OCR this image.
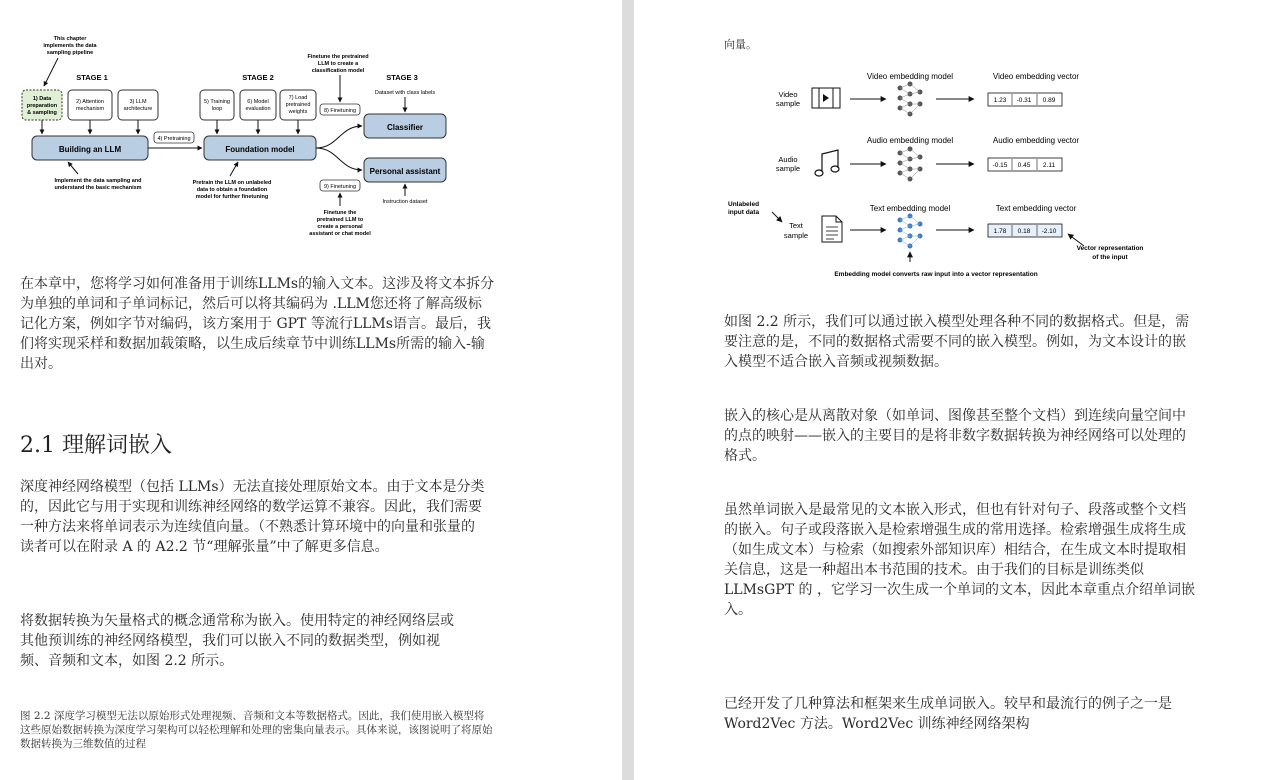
This chapter
implements the data
sampling pipeline
STAGE 1	STAGE 2	STAGE 3
1) Data
preparation
& sampling
2) Attention
mechanism
3) LLM
architecture
Building an LLM
4) Pretraining
5) Training
loop
6) Model
evaluation
7) Load
pretrained
weights
Foundation model
8) Finetuning
9) Finetuning
Classifier
Personal assistant
Finetune the pretrained
LLM to create a
classification model
Dataset with class labels
Instruction dataset
Implement the data sampling and
understand the basic mechanism
Pretrain the LLM on unlabeled
data to obtain a foundation
model for further finetuning
Finetune the
pretrained LLM to
create a personal
assistant or chat model
在本章中，您将学习如何准备用于训练LLMs的输入文本。这涉及将文本拆分
为单独的单词和子单词标记，然后可以将其编码为 .LLM您还将了解高级标
记化方案，例如字节对编码，该方案用于 GPT 等流行LLMs语言。最后，我
们将实现采样和数据加载策略，以生成后续章节中训练LLMs所需的输入-输
出对。
2.1 理解词嵌入
深度神经网络模型（包括 LLMs）无法直接处理原始文本。由于文本是分类
的，因此它与用于实现和训练神经网络的数学运算不兼容。因此，我们需要
一种方法来将单词表示为连续值向量。（不熟悉计算环境中的向量和张量的
读者可以在附录 A 的 A2.2 节“理解张量”中了解更多信息。
将数据转换为矢量格式的概念通常称为嵌入。使用特定的神经网络层或
其他预训练的神经网络模型，我们可以嵌入不同的数据类型，例如视
频、音频和文本，如图 2.2 所示。
图 2.2 深度学习模型无法以原始形式处理视频、音频和文本等数据格式。因此，我们使用嵌入模型将
这些原始数据转换为深度学习架构可以轻松理解和处理的密集向量表示。具体来说，该图说明了将原始
数据转换为三维数值的过程
向量。
Video embedding model	Video embedding vector
Video
sample	1.23 -0.31 0.89
Audio embedding model	Audio embedding vector
Audio
sample	-0.15 0.45 2.11
Unlabeled
input data	Text embedding model	Text embedding vector
Text
sample	1.78 0.18 -2.10
Vector representation
of the input
Embedding model converts raw input into a vector representation
如图 2.2 所示，我们可以通过嵌入模型处理各种不同的数据格式。但是，需
要注意的是，不同的数据格式需要不同的嵌入模型。例如，为文本设计的嵌
入模型不适合嵌入音频或视频数据。
嵌入的核心是从离散对象（如单词、图像甚至整个文档）到连续向量空间中
的点的映射——嵌入的主要目的是将非数字数据转换为神经网络可以处理的
格式。
虽然单词嵌入是最常见的文本嵌入形式，但也有针对句子、段落或整个文档
的嵌入。句子或段落嵌入是检索增强生成的常用选择。检索增强生成将生成
（如生成文本）与检索（如搜索外部知识库）相结合，在生成文本时提取相
关信息，这是一种超出本书范围的技术。由于我们的目标是训练类似
LLMsGPT 的 ，它学习一次生成一个单词的文本，因此本章重点介绍单词嵌
入。
已经开发了几种算法和框架来生成单词嵌入。较早和最流行的例子之一是
Word2Vec 方法。Word2Vec 训练神经网络架构
